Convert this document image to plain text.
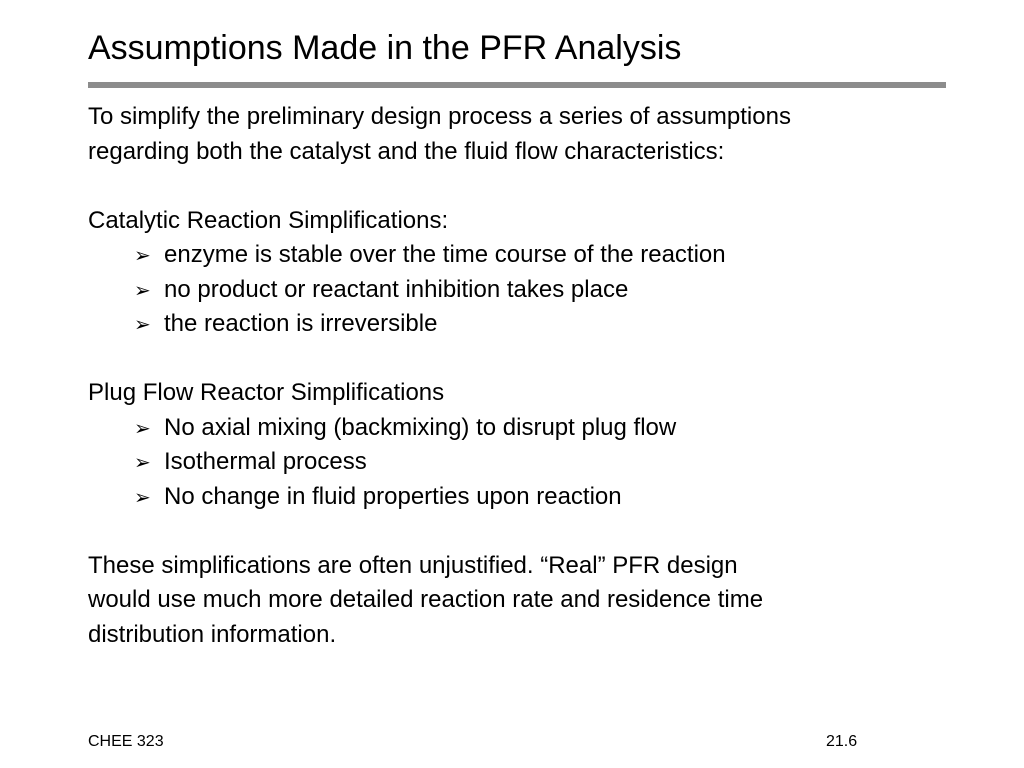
Assumptions Made in the PFR Analysis

To simplify the preliminary design process a series of assumptions
regarding both the catalyst and the fluid flow characteristics:

Catalytic Reaction Simplifications:
➢ enzyme is stable over the time course of the reaction
➢ no product or reactant inhibition takes place
➢ the reaction is irreversible
Plug Flow Reactor Simplifications
➢ No axial mixing (backmixing) to disrupt plug flow
➢ Isothermal process
➢ No change in fluid properties upon reaction

These simplifications are often unjustified. “Real” PFR design
would use much more detailed reaction rate and residence time
distribution information.

CHEE 323	21.6
